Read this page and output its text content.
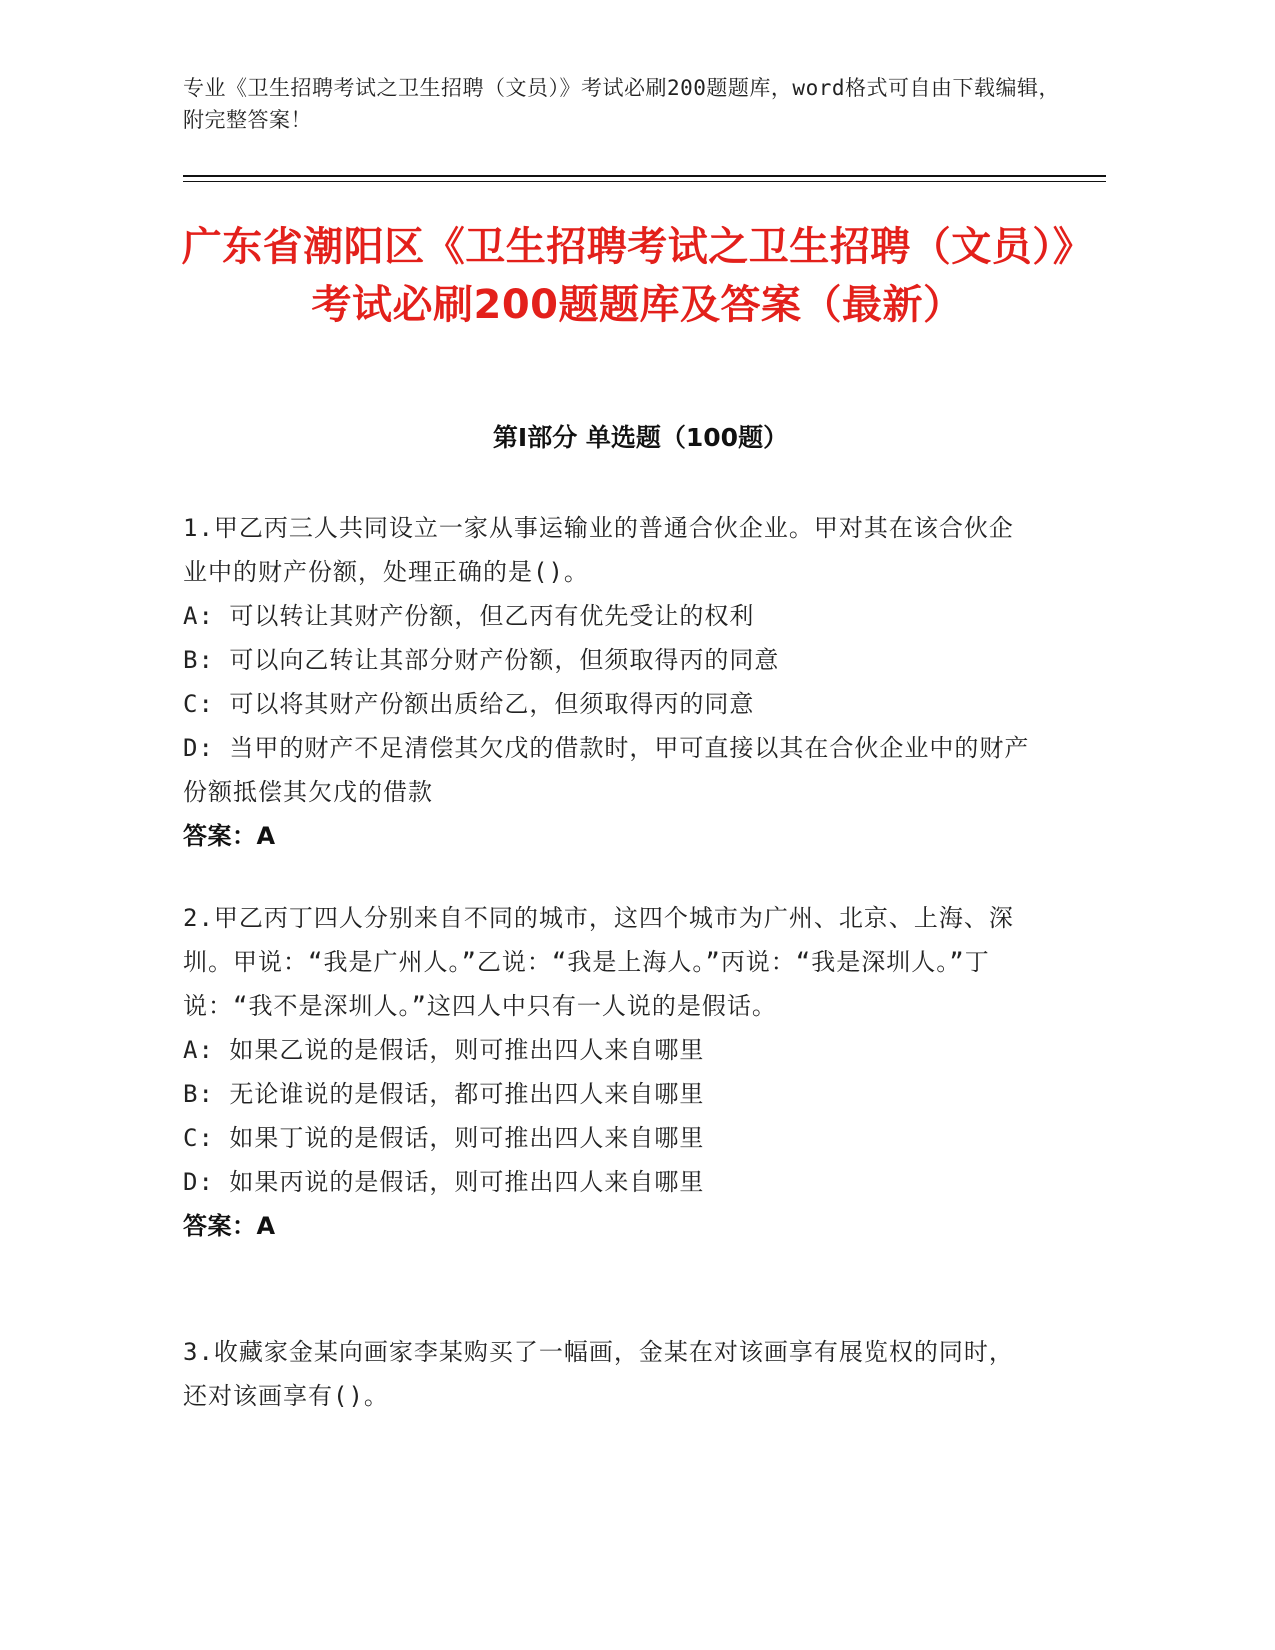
专业《卫生招聘考试之卫生招聘（文员）》考试必刷200题题库，word格式可自由下载编辑，附完整答案！
广东省潮阳区《卫生招聘考试之卫生招聘（文员）》考试必刷200题题库及答案（最新）
第I部分 单选题（100题）

1.甲乙丙三人共同设立一家从事运输业的普通合伙企业。甲对其在该合伙企业中的财产份额，处理正确的是()。

A: 可以转让其财产份额，但乙丙有优先受让的权利

B: 可以向乙转让其部分财产份额，但须取得丙的同意

C: 可以将其财产份额出质给乙，但须取得丙的同意

D: 当甲的财产不足清偿其欠戊的借款时，甲可直接以其在合伙企业中的财产份额抵偿其欠戊的借款

答案：A

2.甲乙丙丁四人分别来自不同的城市，这四个城市为广州、北京、上海、深圳。甲说：“我是广州人。”乙说：“我是上海人。”丙说：“我是深圳人。”丁说：“我不是深圳人。”这四人中只有一人说的是假话。

A: 如果乙说的是假话，则可推出四人来自哪里

B: 无论谁说的是假话，都可推出四人来自哪里

C: 如果丁说的是假话，则可推出四人来自哪里

D: 如果丙说的是假话，则可推出四人来自哪里

答案：A

3.收藏家金某向画家李某购买了一幅画，金某在对该画享有展览权的同时，还对该画享有()。
